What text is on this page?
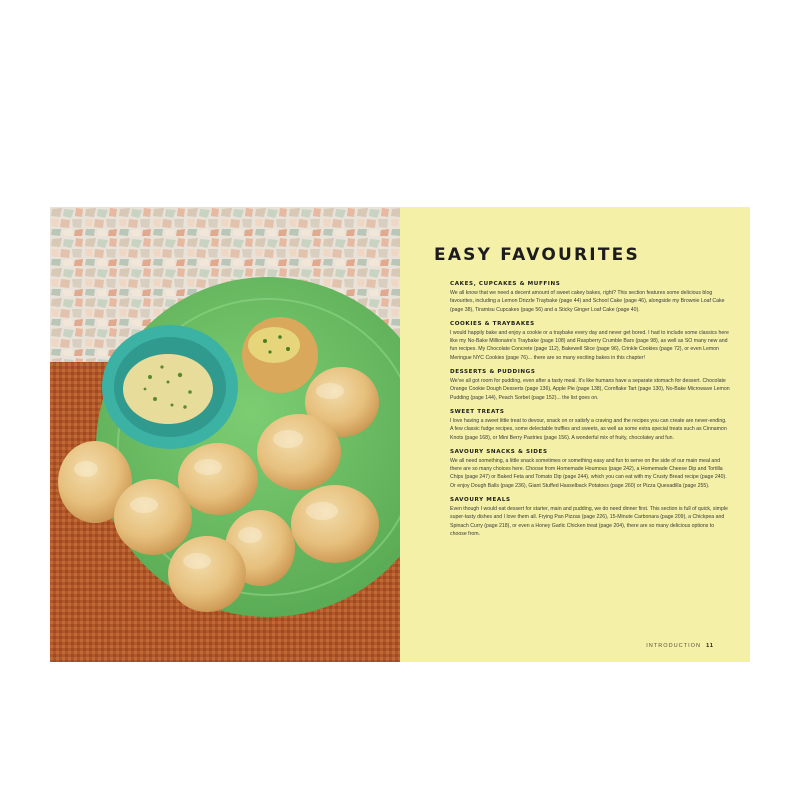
EASY FAVOURITES
CAKES, CUPCAKES & MUFFINS

We all know that we need a decent amount of sweet cakey bakes, right? This section features some delicious blog favourites, including a Lemon Drizzle Traybake (page 44) and School Cake (page 46), alongside my Brownie Loaf Cake (page 38), Tiramisu Cupcakes (page 56) and a Sticky Ginger Loaf Cake (page 40).

COOKIES & TRAYBAKES

I would happily bake and enjoy a cookie or a traybake every day and never get bored. I had to include some classics here like my No-Bake Millionaire's Traybake (page 108) and Raspberry Crumble Bars (page 98), as well as SO many new and fun recipes. My Chocolate Concrete (page 112), Bakewell Slice (page 96), Crinkle Cookies (page 72), or even Lemon Meringue NYC Cookies (page 76)... there are so many exciting bakes in this chapter!

DESSERTS & PUDDINGS

We've all got room for pudding, even after a tasty meal. It's like humans have a separate stomach for dessert. Chocolate Orange Cookie Dough Desserts (page 136), Apple Pie (page 138), Cornflake Tart (page 130), No-Bake Microwave Lemon Pudding (page 144), Peach Sorbet (page 152)... the list goes on.

SWEET TREATS

I love having a sweet little treat to devour, snack on or satisfy a craving and the recipes you can create are never-ending. A few classic fudge recipes, some delectable truffles and sweets, as well as some extra special treats such as Cinnamon Knots (page 168), or Mini Berry Pastries (page 156). A wonderful mix of fruity, chocolatey and fun.

SAVOURY SNACKS & SIDES

We all need something, a little snack sometimes or something easy and fun to serve on the side of our main meal and there are so many choices here. Choose from Homemade Houmous (page 242), a Homemade Cheese Dip and Tortilla Chips (page 247) or Baked Feta and Tomato Dip (page 244), which you can eat with my Crusty Bread recipe (page 240). Or enjoy Dough Balls (page 236), Giant Stuffed Hasselback Potatoes (page 260) or Pizza Quesadilla (page 255).

SAVOURY MEALS

Even though I would eat dessert for starter, main and pudding, we do need dinner first. This section is full of quick, simple super-tasty dishes and I love them all. Frying Pan Pizzas (page 226), 15-Minute Carbonara (page 209), a Chickpea and Spinach Curry (page 218), or even a Honey Garlic Chicken treat (page 204), there are so many delicious options to choose from.

INTRODUCTION 11
